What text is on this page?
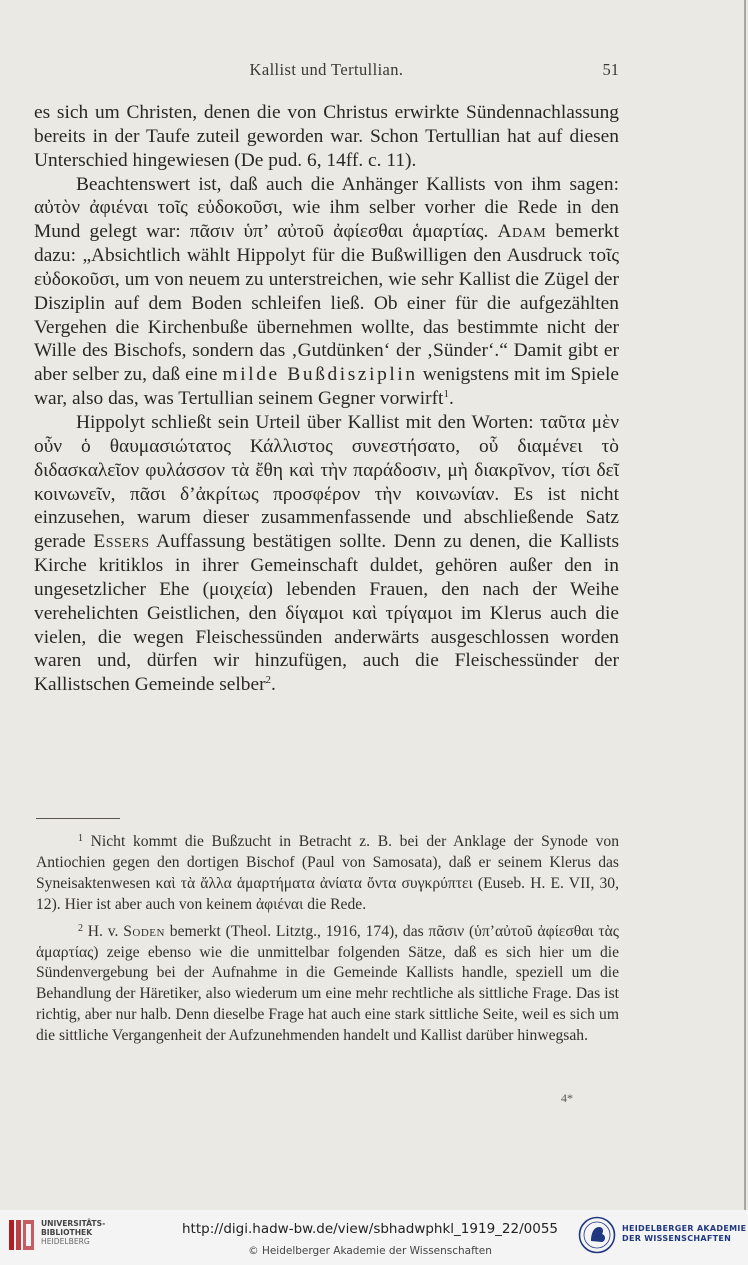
Kallist und Tertullian.	51

es sich um Christen, denen die von Christus erwirkte Sündennachlassung bereits in der Taufe zuteil geworden war. Schon Tertullian hat auf diesen Unterschied hingewiesen (De pud. 6, 14ff. c. 11).

Beachtenswert ist, daß auch die Anhänger Kallists von ihm sagen: αὐτὸν ἀφιέναι τοῖς εὐδοκοῦσι, wie ihm selber vorher die Rede in den Mund gelegt war: πᾶσιν ὑπ’ αὐτοῦ ἀφίεσθαι ἁμαρτίας. Adam bemerkt dazu: „Absichtlich wählt Hippolyt für die Bußwilligen den Ausdruck τοῖς εὐδοκοῦσι, um von neuem zu unterstreichen, wie sehr Kallist die Zügel der Disziplin auf dem Boden schleifen ließ. Ob einer für die aufgezählten Vergehen die Kirchenbuße übernehmen wollte, das bestimmte nicht der Wille des Bischofs, sondern das ‚Gutdünken‘ der ‚Sünder‘.“ Damit gibt er aber selber zu, daß eine milde Bußdisziplin wenigstens mit im Spiele war, also das, was Tertullian seinem Gegner vorwirft$^1$.

Hippolyt schließt sein Urteil über Kallist mit den Worten: ταῦτα μὲν οὖν ὁ θαυμασιώτατος Κάλλιστος συνεστήσατο, οὗ διαμένει τὸ διδασκαλεῖον φυλάσσον τὰ ἔθη καὶ τὴν παράδοσιν, μὴ διακρῖνον, τίσι δεῖ κοινωνεῖν, πᾶσι δ’ἀκρίτως προσφέρον τὴν κοινωνίαν. Es ist nicht einzusehen, warum dieser zusammenfassende und abschließende Satz gerade Essers Auffassung bestätigen sollte. Denn zu denen, die Kallists Kirche kritiklos in ihrer Gemeinschaft duldet, gehören außer den in ungesetzlicher Ehe (μοιχεία) lebenden Frauen, den nach der Weihe verehelichten Geistlichen, den δίγαμοι καὶ τρίγαμοι im Klerus auch die vielen, die wegen Fleischessünden anderwärts ausgeschlossen worden waren und, dürfen wir hinzufügen, auch die Fleischessünder der Kallistschen Gemeinde selber$^2$.

$^1$ Nicht kommt die Bußzucht in Betracht z. B. bei der Anklage der Synode von Antiochien gegen den dortigen Bischof (Paul von Samosata), daß er seinem Klerus das Syneisaktenwesen καὶ τὰ ἄλλα ἁμαρτήματα ἀνίατα ὄντα συγκρύπτει (Euseb. H. E. VII, 30, 12). Hier ist aber auch von keinem ἀφιέναι die Rede.

$^2$ H. v. Soden bemerkt (Theol. Litztg., 1916, 174), das πᾶσιν (ὑπ’αὐτοῦ ἀφίεσθαι τὰς ἁμαρτίας) zeige ebenso wie die unmittelbar folgenden Sätze, daß es sich hier um die Sündenvergebung bei der Aufnahme in die Gemeinde Kallists handle, speziell um die Behandlung der Häretiker, also wiederum um eine mehr rechtliche als sittliche Frage. Das ist richtig, aber nur halb. Denn dieselbe Frage hat auch eine stark sittliche Seite, weil es sich um die sittliche Vergangenheit der Aufzunehmenden handelt und Kallist darüber hinwegsah.

4*
UNIVERSITÄTS-
BIBLIOTHEK
HEIDELBERG
http://digi.hadw-bw.de/view/sbhadwphkl_1919_22/0055
© Heidelberger Akademie der Wissenschaften
HEIDELBERGER AKADEMIE
DER WISSENSCHAFTEN
